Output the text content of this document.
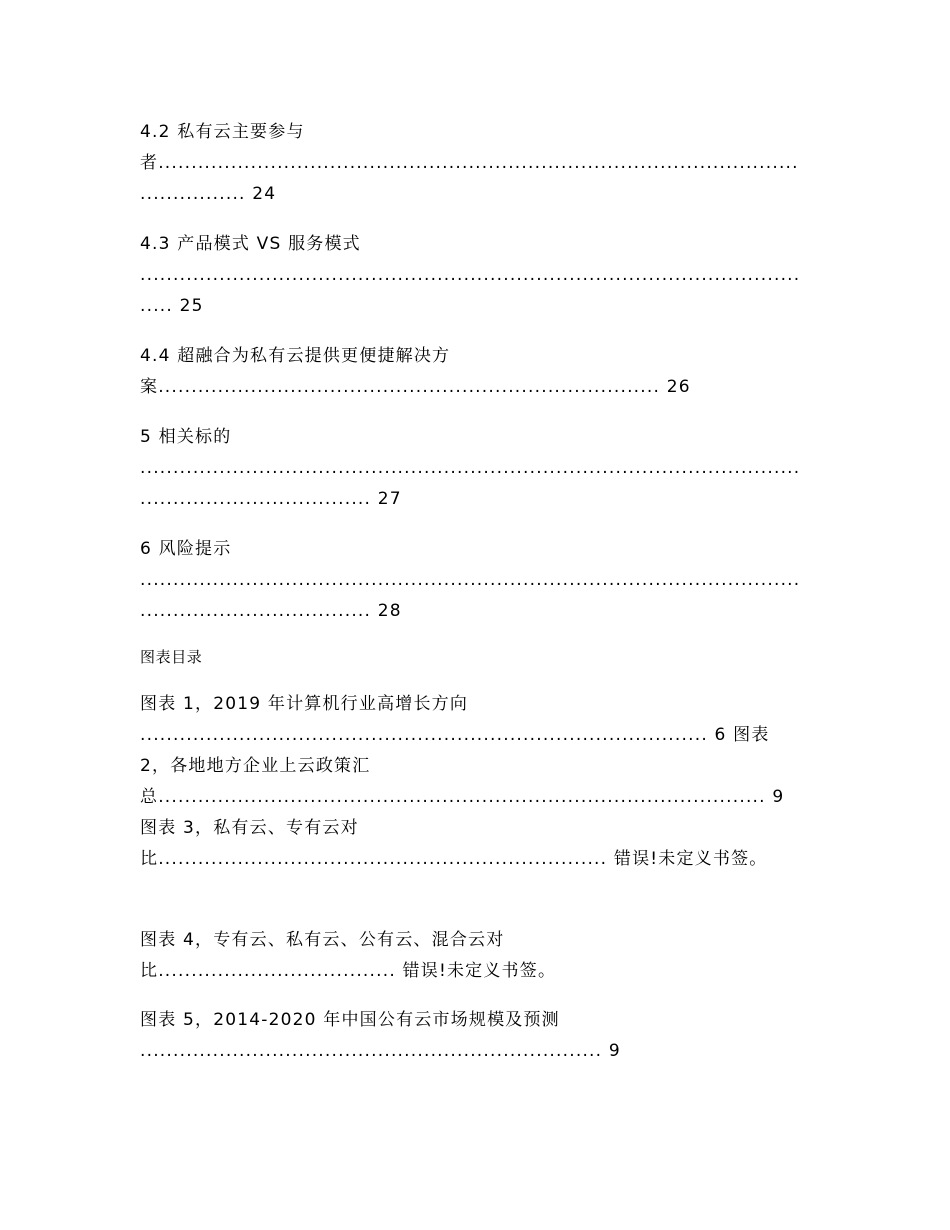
4.2 私有云主要参与
者.................................................................................................
................ 24
4.3 产品模式 VS 服务模式
....................................................................................................
..... 25
4.4 超融合为私有云提供更便捷解决方
案............................................................................ 26
5 相关标的
....................................................................................................
................................... 27
6 风险提示
....................................................................................................
................................... 28
图表目录
图表 1，2019 年计算机行业高增长方向
...................................................................................... 6 图表
2，各地地方企业上云政策汇
总............................................................................................ 9
图表 3，私有云、专有云对
比.................................................................... 错误!未定义书签。
图表 4，专有云、私有云、公有云、混合云对
比.................................... 错误!未定义书签。
图表 5，2014-2020 年中国公有云市场规模及预测
...................................................................... 9
